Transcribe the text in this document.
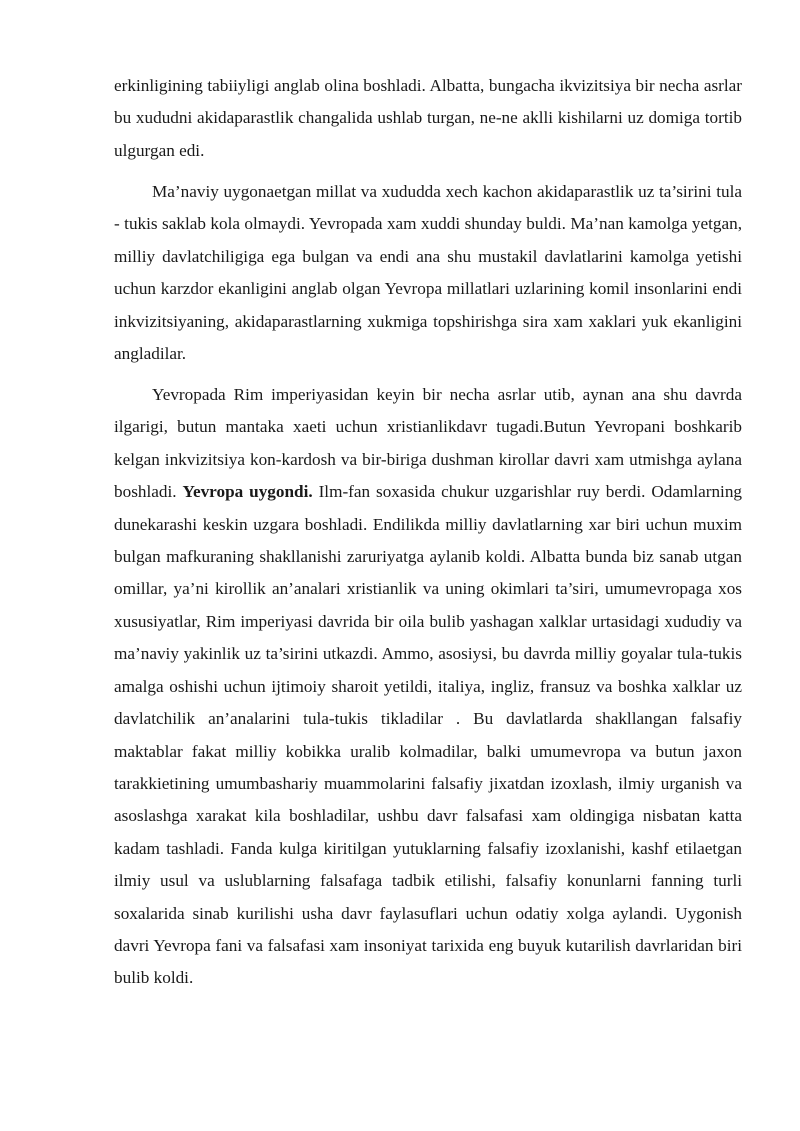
erkinligining tabiiyligi anglab olina boshladi. Albatta, bungacha ikvizitsiya bir necha asrlar bu xududni akidaparastlik changalida ushlab turgan, ne-ne aklli kishilarni uz domiga tortib ulgurgan edi.

Ma’naviy uygonaetgan millat va xududda xech kachon akidaparastlik uz ta’sirini tula - tukis saklab kola olmaydi. Yevropada xam xuddi shunday buldi. Ma’nan kamolga yetgan, milliy davlatchiligiga ega bulgan va endi ana shu mustakil davlatlarini kamolga yetishi uchun karzdor ekanligini anglab olgan Yevropa millatlari uzlarining komil insonlarini endi inkvizitsiyaning, akidaparastlarning xukmiga topshirishga sira xam xaklari yuk ekanligini angladilar.

Yevropada Rim imperiyasidan keyin bir necha asrlar utib, aynan ana shu davrda ilgarigi, butun mantaka xaeti uchun xristianlikdavr tugadi.Butun Yevropani boshkarib kelgan inkvizitsiya kon-kardosh va bir-biriga dushman kirollar davri xam utmishga aylana boshladi. Yevropa uygondi. Ilm-fan soxasida chukur uzgarishlar ruy berdi. Odamlarning dunekarashi keskin uzgara boshladi. Endilikda milliy davlatlarning xar biri uchun muxim bulgan mafkuraning shakllanishi zaruriyatga aylanib koldi. Albatta bunda biz sanab utgan omillar, ya’ni kirollik an’analari xristianlik va uning okimlari ta’siri, umumevropaga xos xususiyatlar, Rim imperiyasi davrida bir oila bulib yashagan xalklar urtasidagi xududiy va ma’naviy yakinlik uz ta’sirini utkazdi. Ammo, asosiysi, bu davrda milliy goyalar tula-tukis amalga oshishi uchun ijtimoiy sharoit yetildi, italiya, ingliz, fransuz va boshka xalklar uz davlatchilik an’analarini tula-tukis tikladilar . Bu davlatlarda shakllangan falsafiy maktablar fakat milliy kobikka uralib kolmadilar, balki umumevropa va butun jaxon tarakkietining umumbashariy muammolarini falsafiy jixatdan izoxlash, ilmiy urganish va asoslashga xarakat kila boshladilar, ushbu davr falsafasi xam oldingiga nisbatan katta kadam tashladi. Fanda kulga kiritilgan yutuklarning falsafiy izoxlanishi, kashf etilaetgan ilmiy usul va uslublarning falsafaga tadbik etilishi, falsafiy konunlarni fanning turli soxalarida sinab kurilishi usha davr faylasuflari uchun odatiy xolga aylandi. Uygonish davri Yevropa fani va falsafasi xam insoniyat tarixida eng buyuk kutarilish davrlaridan biri bulib koldi.
